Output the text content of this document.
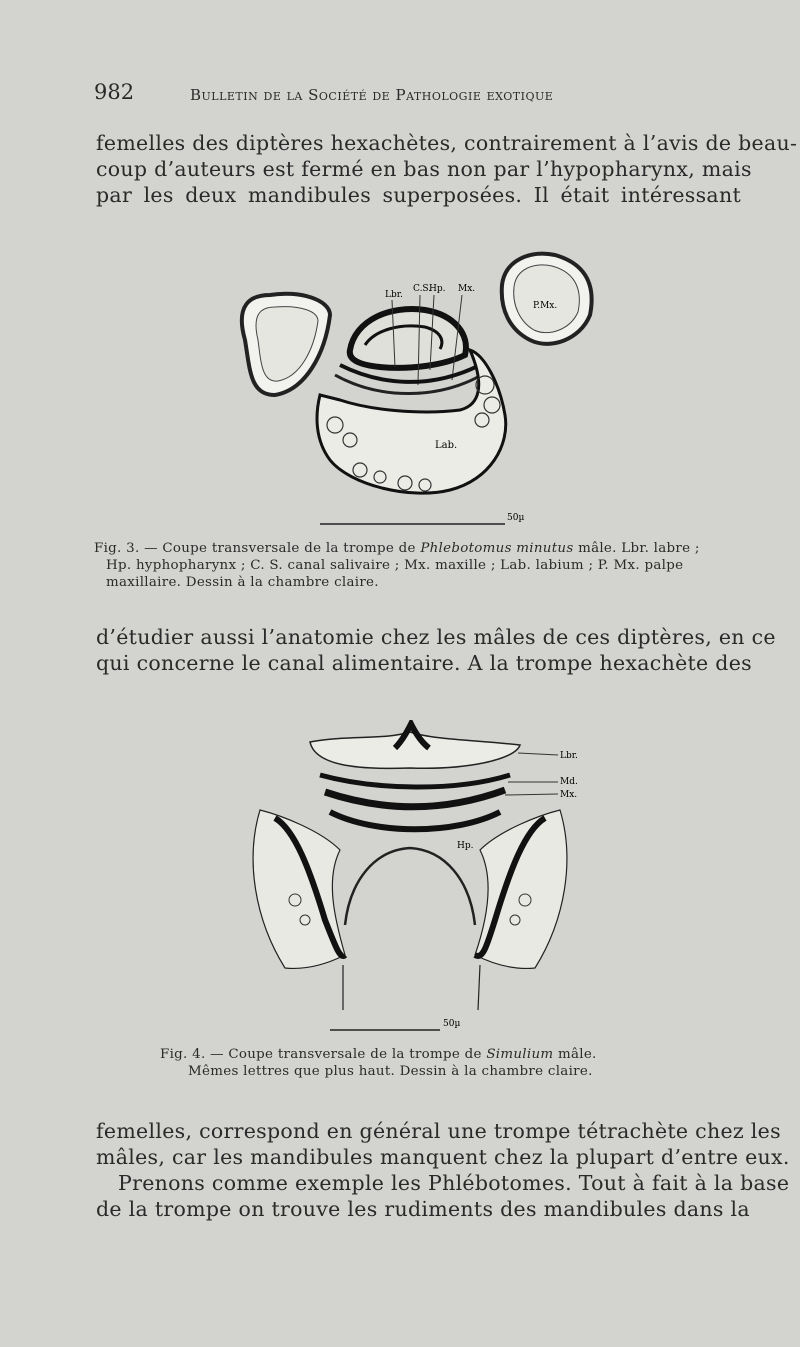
982	Bulletin de la Société de Pathologie exotique
femelles des diptères hexachètes, contrairement à l’avis de beau-
coup d’auteurs est fermé en bas non par l’hypopharynx, mais
par les deux mandibules superposées. Il était intéressant
Lbr.
C.S.
Hp. Mx.
P.Mx.
Lab.
50µ
Fig. 3. — Coupe transversale de la trompe de Phlebotomus minutus mâle. Lbr. labre ;
Hp. hyphopharynx ; C. S. canal salivaire ; Mx. maxille ; Lab. labium ; P. Mx. palpe
maxillaire. Dessin à la chambre claire.
d’étudier aussi l’anatomie chez les mâles de ces diptères, en ce
qui concerne le canal alimentaire. A la trompe hexachète des
Lbr.
Md.
Mx.
Hp.
50µ
Fig. 4. — Coupe transversale de la trompe de Simulium mâle.
Mêmes lettres que plus haut. Dessin à la chambre claire.
femelles, correspond en général une trompe tétrachète chez les
mâles, car les mandibules manquent chez la plupart d’entre eux.
Prenons comme exemple les Phlébotomes. Tout à fait à la base
de la trompe on trouve les rudiments des mandibules dans la
